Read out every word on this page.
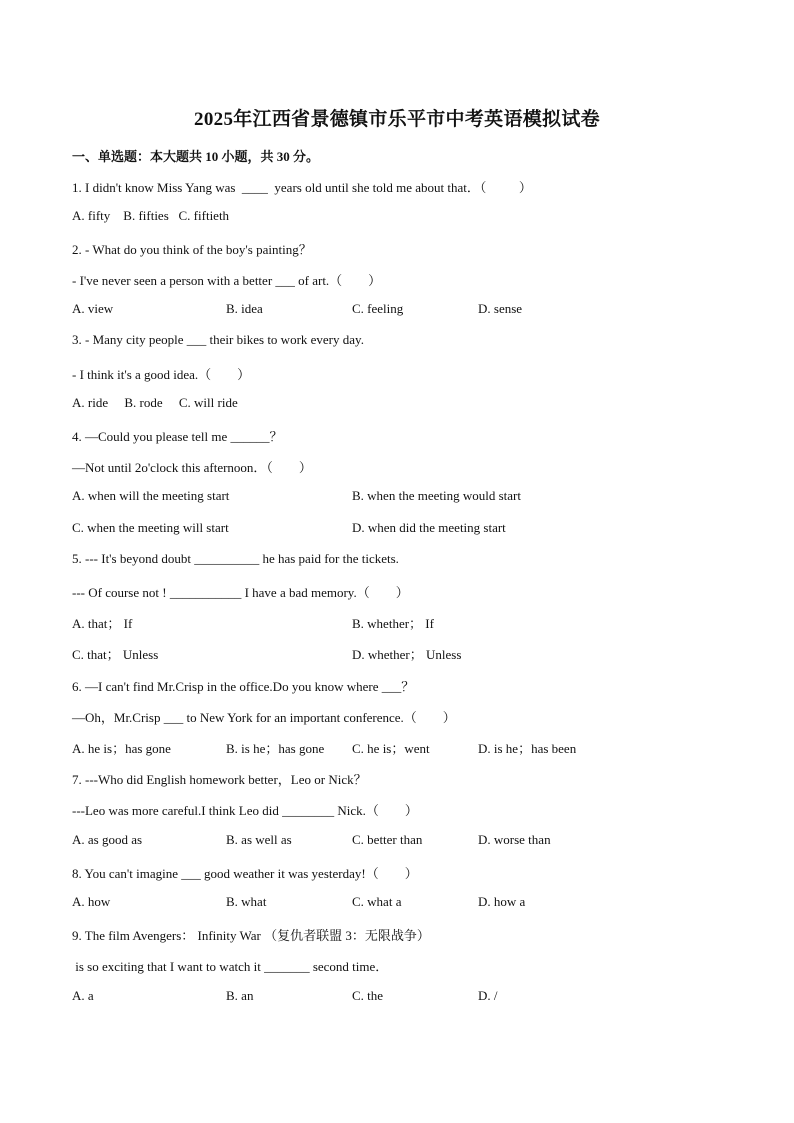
2025年江西省景德镇市乐平市中考英语模拟试卷
一、单选题：本大题共 10 小题，共 30 分。
1. I didn't know Miss Yang was  ____  years old until she told me about that．（          ）
A. fifty    B. fifties   C. fiftieth
2. - What do you think of the boy's painting？
- I've never seen a person with a better ___ of art.（        ）
A. view	B. idea	C. feeling	D. sense
3. - Many city people ___ their bikes to work every day.
- I think it's a good idea.（        ）
A. ride     B. rode     C. will ride
4. —Could you please tell me ______？
—Not until 2o'clock this afternoon．（        ）
A. when will the meeting start	B. when the meeting would start
C. when the meeting will start	D. when did the meeting start
5. --- It's beyond doubt __________ he has paid for the tickets.
--- Of course not ! ___________ I have a bad memory.（        ）
A. that； If	B. whether； If
C. that； Unless	D. whether； Unless
6. —I can't find Mr.Crisp in the office.Do you know where ___？
—Oh，Mr.Crisp ___ to New York for an important conference.（        ）
A. he is；has gone	B. is he；has gone C. he is；went	D. is he；has been
7. ---Who did English homework better，Leo or Nick？
---Leo was more careful.I think Leo did ________ Nick.（        ）
A. as good as	B. as well as	C. better than	D. worse than
8. You can't imagine ___ good weather it was yesterday!（        ）
A. how	B. what	C. what a	D. how a
9. The film Avengers： Infinity War （复仇者联盟 3：无限战争）
is so exciting that I want to watch it _______ second time．
A. a	B. an	C. the	D. /
